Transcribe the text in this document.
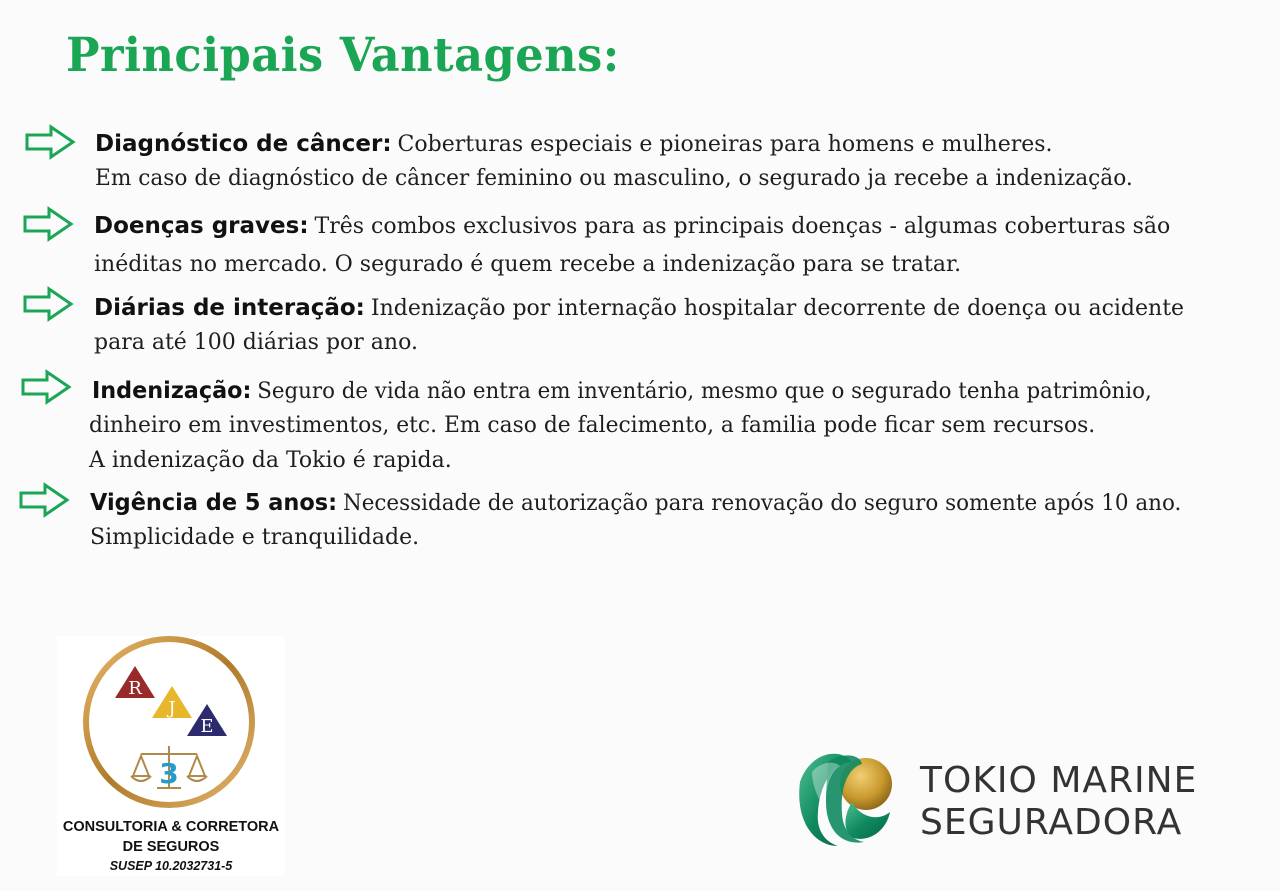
Principais Vantagens:
Diagnóstico de câncer: Coberturas especiais e pioneiras para homens e mulheres.
Em caso de diagnóstico de câncer feminino ou masculino, o segurado ja recebe a indenização.
Doenças graves: Três combos exclusivos para as principais doenças - algumas coberturas são
inéditas no mercado. O segurado é quem recebe a indenização para se tratar.
Diárias de interação: Indenização por internação hospitalar decorrente de doença ou acidente
para até 100 diárias por ano.
Indenização: Seguro de vida não entra em inventário, mesmo que o segurado tenha patrimônio,
dinheiro em investimentos, etc. Em caso de falecimento, a familia pode ficar sem recursos.
A indenização da Tokio é rapida.
Vigência de 5 anos: Necessidade de autorização para renovação do seguro somente após 10 ano.
Simplicidade e tranquilidade.
R
J
E
3
CONSULTORIA & CORRETORA
DE SEGUROS
SUSEP 10.2032731-5
TOKIO MARINE
SEGURADORA
